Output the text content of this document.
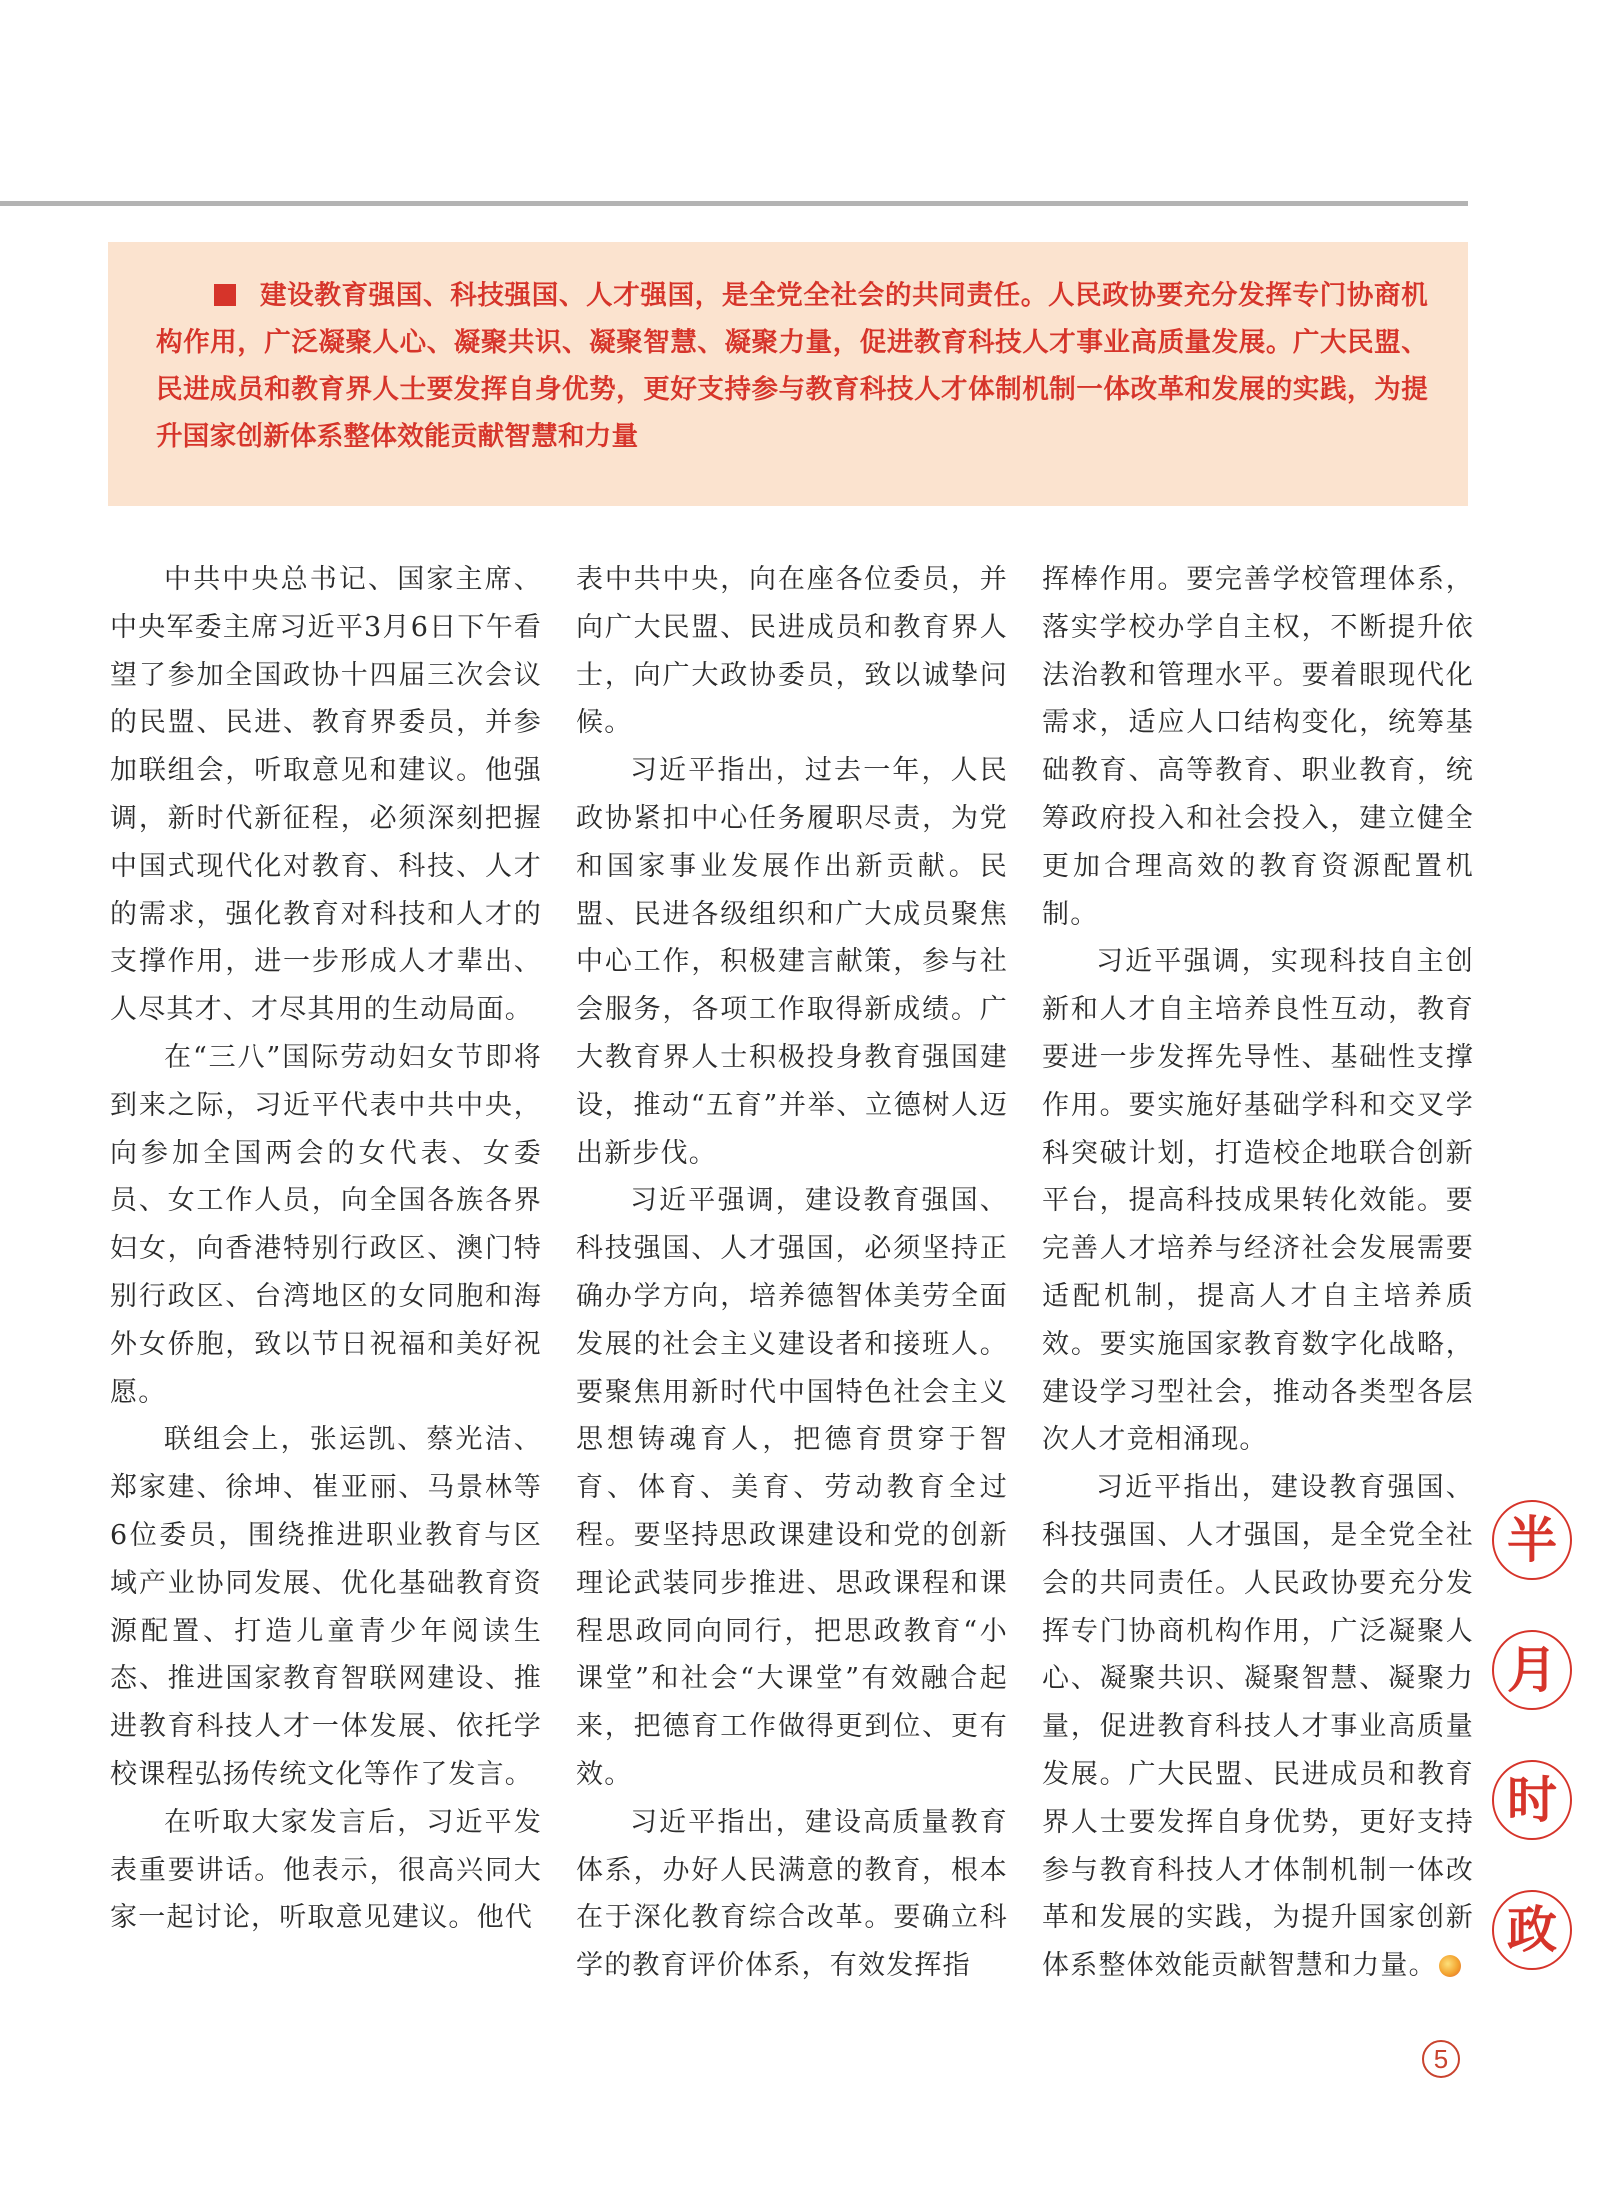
建设教育强国、科技强国、人才强国，是全党全社会的共同责任。人民政协要充分发挥专门协商机构作用，广泛凝聚人心、凝聚共识、凝聚智慧、凝聚力量，促进教育科技人才事业高质量发展。广大民盟、民进成员和教育界人士要发挥自身优势，更好支持参与教育科技人才体制机制一体改革和发展的实践，为提升国家创新体系整体效能贡献智慧和力量

中共中央总书记、国家主席、中央军委主席习近平3月6日下午看望了参加全国政协十四届三次会议的民盟、民进、教育界委员，并参加联组会，听取意见和建议。他强调，新时代新征程，必须深刻把握中国式现代化对教育、科技、人才的需求，强化教育对科技和人才的支撑作用，进一步形成人才辈出、人尽其才、才尽其用的生动局面。

在“三八”国际劳动妇女节即将到来之际，习近平代表中共中央，向参加全国两会的女代表、女委员、女工作人员，向全国各族各界妇女，向香港特别行政区、澳门特别行政区、台湾地区的女同胞和海外女侨胞，致以节日祝福和美好祝愿。

联组会上，张运凯、蔡光洁、郑家建、徐坤、崔亚丽、马景林等6位委员，围绕推进职业教育与区域产业协同发展、优化基础教育资源配置、打造儿童青少年阅读生态、推进国家教育智联网建设、推进教育科技人才一体发展、依托学校课程弘扬传统文化等作了发言。

在听取大家发言后，习近平发表重要讲话。他表示，很高兴同大家一起讨论，听取意见建议。他代

表中共中央，向在座各位委员，并向广大民盟、民进成员和教育界人士，向广大政协委员，致以诚挚问候。

习近平指出，过去一年，人民政协紧扣中心任务履职尽责，为党和国家事业发展作出新贡献。民盟、民进各级组织和广大成员聚焦中心工作，积极建言献策，参与社会服务，各项工作取得新成绩。广大教育界人士积极投身教育强国建设，推动“五育”并举、立德树人迈出新步伐。

习近平强调，建设教育强国、科技强国、人才强国，必须坚持正确办学方向，培养德智体美劳全面发展的社会主义建设者和接班人。要聚焦用新时代中国特色社会主义思想铸魂育人，把德育贯穿于智育、体育、美育、劳动教育全过程。要坚持思政课建设和党的创新理论武装同步推进、思政课程和课程思政同向同行，把思政教育“小课堂”和社会“大课堂”有效融合起来，把德育工作做得更到位、更有效。

习近平指出，建设高质量教育体系，办好人民满意的教育，根本在于深化教育综合改革。要确立科学的教育评价体系，有效发挥指

挥棒作用。要完善学校管理体系，落实学校办学自主权，不断提升依法治教和管理水平。要着眼现代化需求，适应人口结构变化，统筹基础教育、高等教育、职业教育，统筹政府投入和社会投入，建立健全更加合理高效的教育资源配置机制。

习近平强调，实现科技自主创新和人才自主培养良性互动，教育要进一步发挥先导性、基础性支撑作用。要实施好基础学科和交叉学科突破计划，打造校企地联合创新平台，提高科技成果转化效能。要完善人才培养与经济社会发展需要适配机制，提高人才自主培养质效。要实施国家教育数字化战略，建设学习型社会，推动各类型各层次人才竞相涌现。

习近平指出，建设教育强国、科技强国、人才强国，是全党全社会的共同责任。人民政协要充分发挥专门协商机构作用，广泛凝聚人心、凝聚共识、凝聚智慧、凝聚力量，促进教育科技人才事业高质量发展。广大民盟、民进成员和教育界人士要发挥自身优势，更好支持参与教育科技人才体制机制一体改革和发展的实践，为提升国家创新体系整体效能贡献智慧和力量。

半
月
时
政
5
